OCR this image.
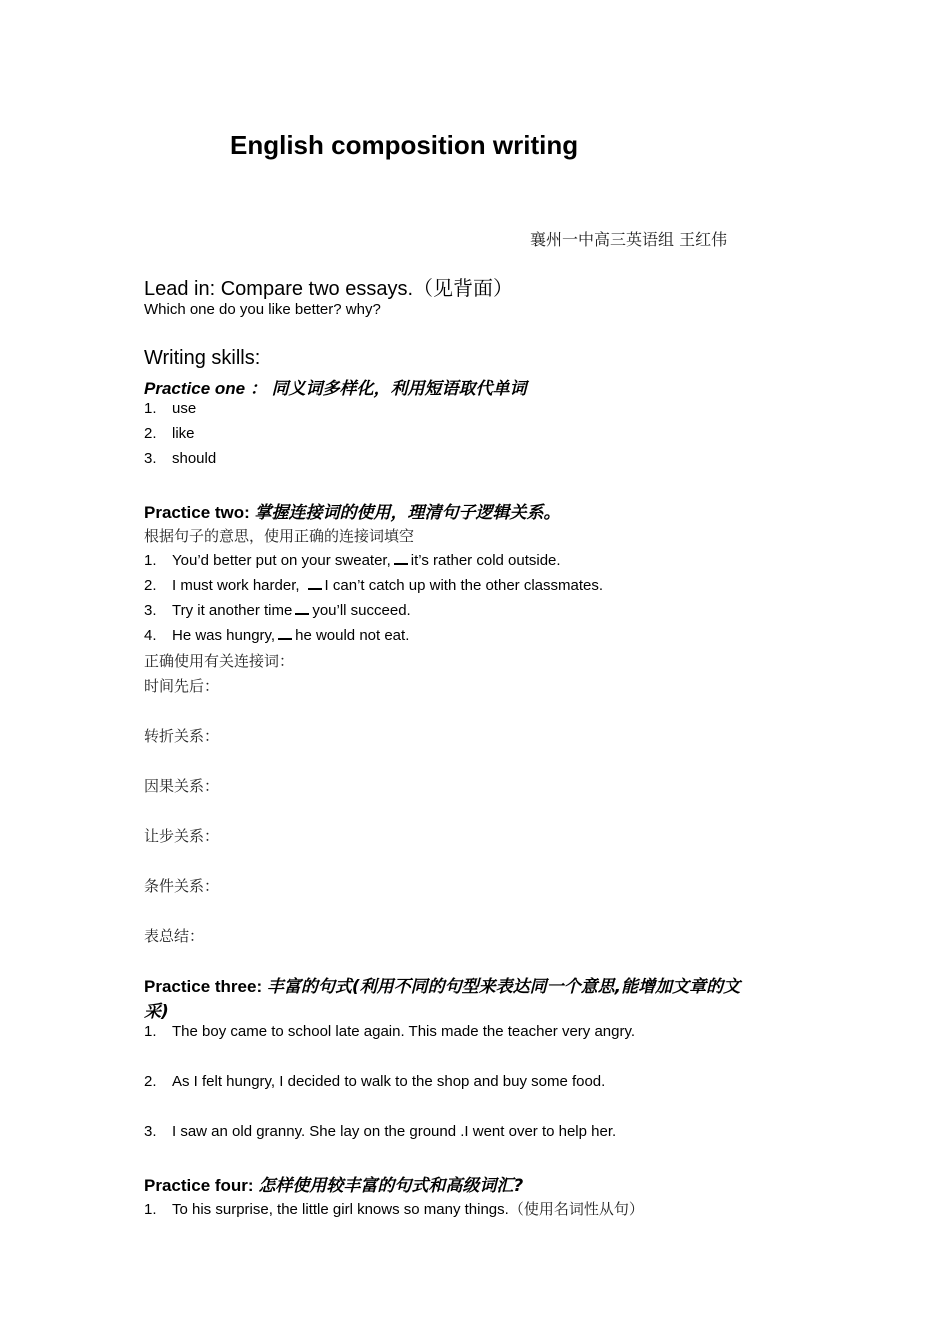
English composition writing
襄州一中高三英语组 王红伟
Lead in: Compare two essays.（见背面）
Which one do you like better? why?
Writing skills:
Practice one ： 同义词多样化，利用短语取代单词
1. use
2. like
3. should
Practice two: 掌握连接词的使用，理清句子逻辑关系。
根据句子的意思，使用正确的连接词填空
1. You’d better put on your sweater, it’s rather cold outside.
2. I must work harder, I can’t catch up with the other classmates.
3. Try it another time you’ll succeed.
4. He was hungry, he would not eat.
正确使用有关连接词：
时间先后：
转折关系：
因果关系：
让步关系：
条件关系：
表总结：
Practice three: 丰富的句式(利用不同的句型来表达同一个意思,能增加文章的文
采)
1. The boy came to school late again. This made the teacher very angry.
2. As I felt hungry, I decided to walk to the shop and buy some food.
3. I saw an old granny. She lay on the ground .I went over to help her.
Practice four: 怎样使用较丰富的句式和高级词汇?
1. To his surprise, the little girl knows so many things.（使用名词性从句）
